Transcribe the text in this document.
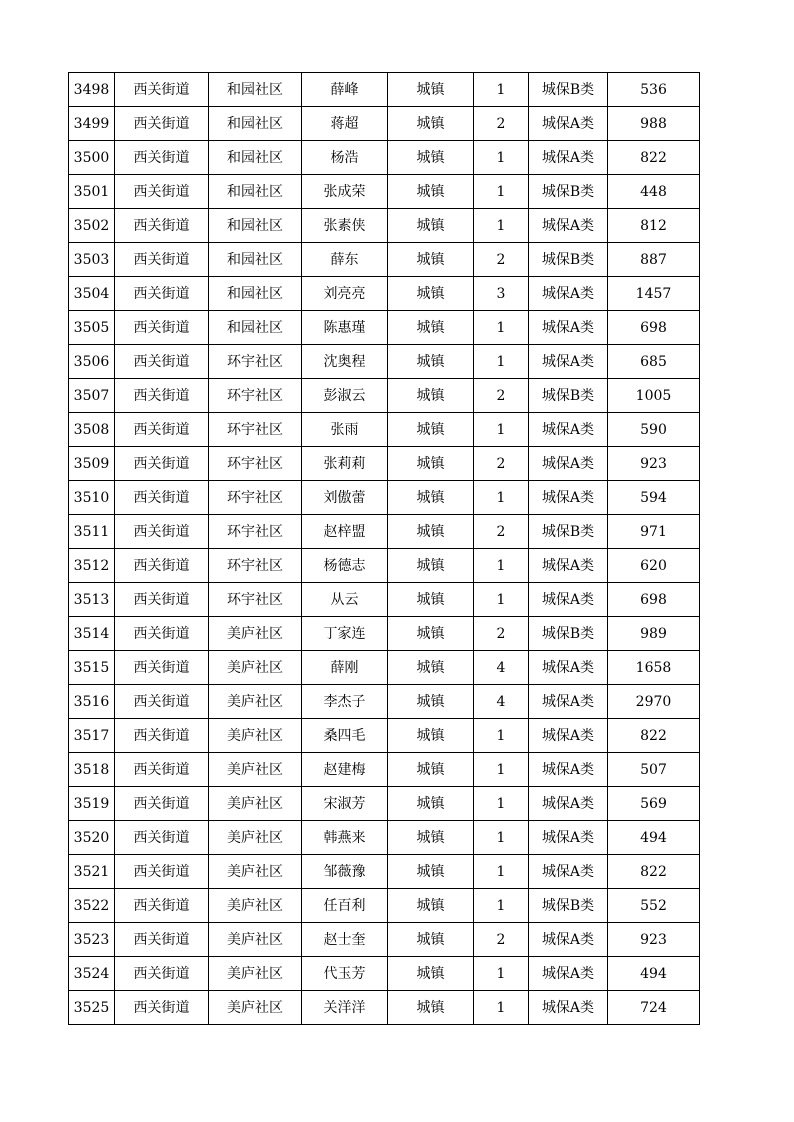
3498	西关街道	和园社区	薛峰	城镇	1	城保B类	536
3499	西关街道	和园社区	蒋超	城镇	2	城保A类	988
3500	西关街道	和园社区	杨浩	城镇	1	城保A类	822
3501	西关街道	和园社区	张成荣	城镇	1	城保B类	448
3502	西关街道	和园社区	张素侠	城镇	1	城保A类	812
3503	西关街道	和园社区	薛东	城镇	2	城保B类	887
3504	西关街道	和园社区	刘亮亮	城镇	3	城保A类	1457
3505	西关街道	和园社区	陈惠瑾	城镇	1	城保A类	698
3506	西关街道	环宇社区	沈奥程	城镇	1	城保A类	685
3507	西关街道	环宇社区	彭淑云	城镇	2	城保B类	1005
3508	西关街道	环宇社区	张雨	城镇	1	城保A类	590
3509	西关街道	环宇社区	张莉莉	城镇	2	城保A类	923
3510	西关街道	环宇社区	刘傲蕾	城镇	1	城保A类	594
3511	西关街道	环宇社区	赵梓盟	城镇	2	城保B类	971
3512	西关街道	环宇社区	杨德志	城镇	1	城保A类	620
3513	西关街道	环宇社区	从云	城镇	1	城保A类	698
3514	西关街道	美庐社区	丁家连	城镇	2	城保B类	989
3515	西关街道	美庐社区	薛刚	城镇	4	城保A类	1658
3516	西关街道	美庐社区	李杰子	城镇	4	城保A类	2970
3517	西关街道	美庐社区	桑四毛	城镇	1	城保A类	822
3518	西关街道	美庐社区	赵建梅	城镇	1	城保A类	507
3519	西关街道	美庐社区	宋淑芳	城镇	1	城保A类	569
3520	西关街道	美庐社区	韩燕来	城镇	1	城保A类	494
3521	西关街道	美庐社区	邹薇豫	城镇	1	城保A类	822
3522	西关街道	美庐社区	任百利	城镇	1	城保B类	552
3523	西关街道	美庐社区	赵士奎	城镇	2	城保A类	923
3524	西关街道	美庐社区	代玉芳	城镇	1	城保A类	494
3525	西关街道	美庐社区	关洋洋	城镇	1	城保A类	724
